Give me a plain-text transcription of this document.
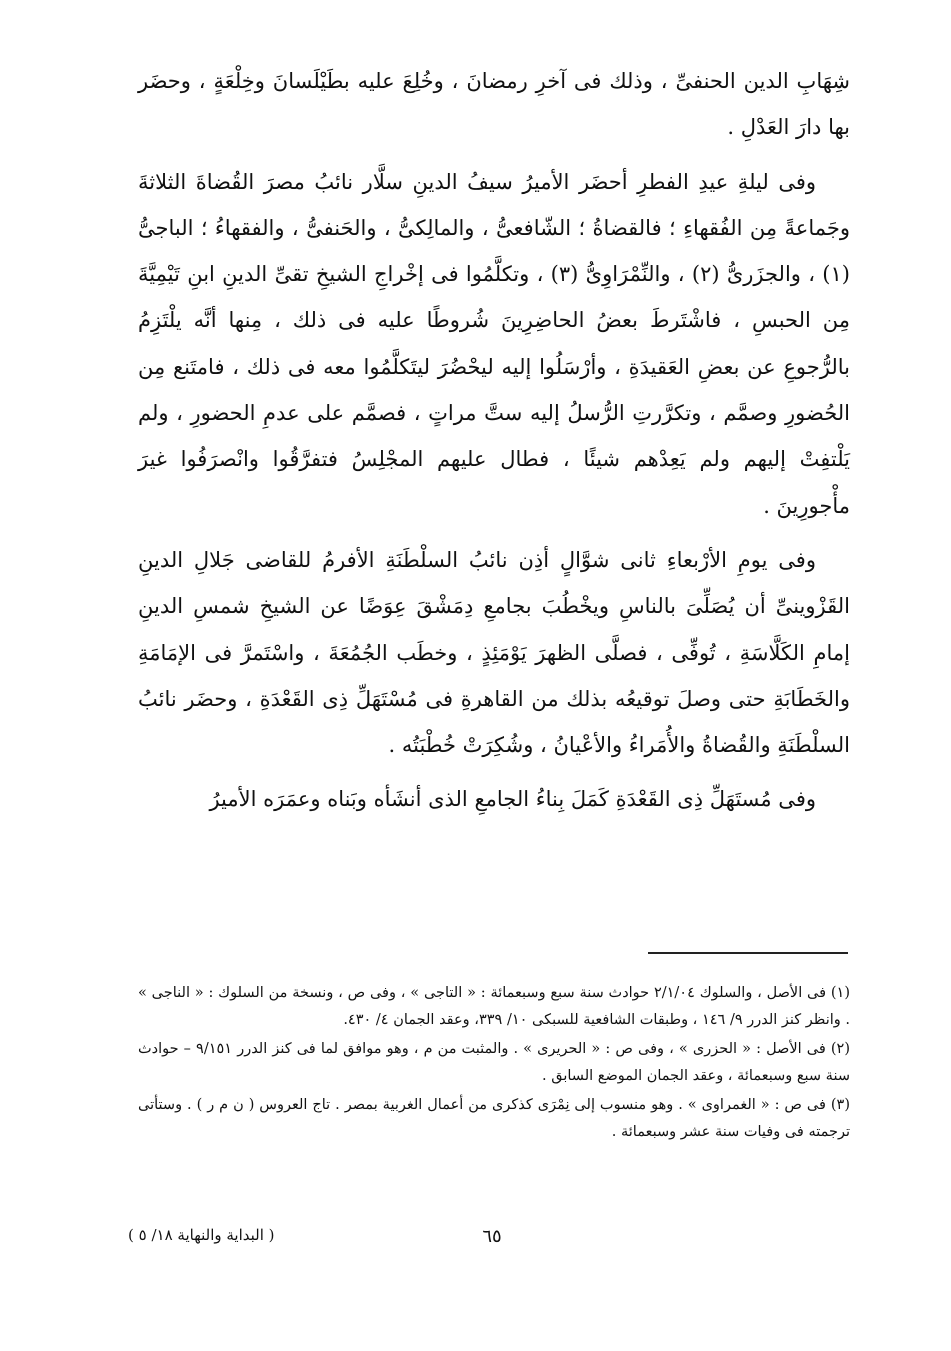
شِهَابِ الدين الحنفىِّ ، وذلك فى آخرِ رمضانَ ، وخُلِعَ عليه بطَيْلَسانَ وخِلْعَةٍ ، وحضَر بها دارَ العَدْلِ .

وفى ليلةِ عيدِ الفطرِ أحضَر الأميرُ سيفُ الدينِ سلَّار نائبُ مصرَ القُضاةَ الثلاثةَ وجَماعةً مِن الفُقهاءِ ؛ فالقضاةُ ؛ الشّافعىُّ ، والمالِكىُّ ، والحَنفىُّ ، والفقهاءُ ؛ الباجىُّ (١) ، والجزَرىُّ (٢) ، والنِّمْرَاوِىُّ (٣) ، وتكلَّمُوا فى إخْراجِ الشيخِ تقىِّ الدينِ ابنِ تَيْمِيَّةَ مِن الحبسِ ، فاشْتَرطَ بعضُ الحاضِرِينَ شُروطًا عليه فى ذلك ، مِنها أنَّه يلْتَزِمُ بالرُّجوعِ عن بعضِ العَقيدَةِ ، وأرْسَلُوا إليه ليحْضُرَ ليتَكلَّمُوا معه فى ذلك ، فامتَنع مِن الحُضورِ وصمَّم ، وتكرَّرتِ الرُّسلُ إليه ستَّ مراتٍ ، فصمَّم على عدمِ الحضورِ ، ولم يَلْتفِتْ إليهم ولم يَعِدْهم شيئًا ، فطال عليهم المجْلِسُ فتفرَّقُوا وانْصرَفُوا غيرَ مأْجورِينَ .

وفى يومِ الأرْبعاءِ ثانى شوَّالٍ أذِن نائبُ السلْطَنَةِ الأفرمُ للقاضى جَلالِ الدينِ القَزْوينىِّ أن يُصَلِّىَ بالناسِ ويخْطُبَ بجامعِ دِمَشْقَ عِوَضًا عن الشيخِ شمسِ الدينِ إمامِ الكَلَّاسَةِ ، تُوفِّى ، فصلَّى الظهرَ يَوْمَئِذٍ ، وخطَب الجُمُعَةَ ، واسْتَمرَّ فى الإمَامَةِ والخَطَابَةِ حتى وصلَ توقيعُه بذلك من القاهرةِ فى مُسْتَهَلِّ ذِى القَعْدَةِ ، وحضَر نائبُ السلْطَنَةِ والقُضاةُ والأُمَراءُ والأعْيانُ ، وشُكِرَتْ خُطْبَتُه .

وفى مُستَهَلِّ ذِى القَعْدَةِ كَمَلَ بِناءُ الجامعِ الذى أنشَأه وبَناه وعمَرَه الأميرُ

(١) فى الأصل ، والسلوك ٢/١/٠٤ حوادث سنة سبع وسبعمائة : « التاجى » ، وفى ص ، ونسخة من السلوك : « الناجى » . وانظر كنز الدرر ٩/ ١٤٦ ، وطبقات الشافعية للسبكى ١٠/ ٣٣٩، وعقد الجمان ٤/ ٤٣٠.

(٢) فى الأصل : « الحزرى » ، وفى ص : « الحريرى » . والمثبت من م ، وهو موافق لما فى كنز الدرر ٩/١٥١ – حوادث سنة سبع وسبعمائة ، وعقد الجمان الموضع السابق .

(٣) فى ص : « الغمراوى » . وهو منسوب إلى نِمْرَى كذكرى من أعمال الغربية بمصر . تاج العروس ( ن م ر ) . وستأتى ترجمته فى وفيات سنة عشر وسبعمائة .

٦٥
( البداية والنهاية ١٨/ ٥ )
